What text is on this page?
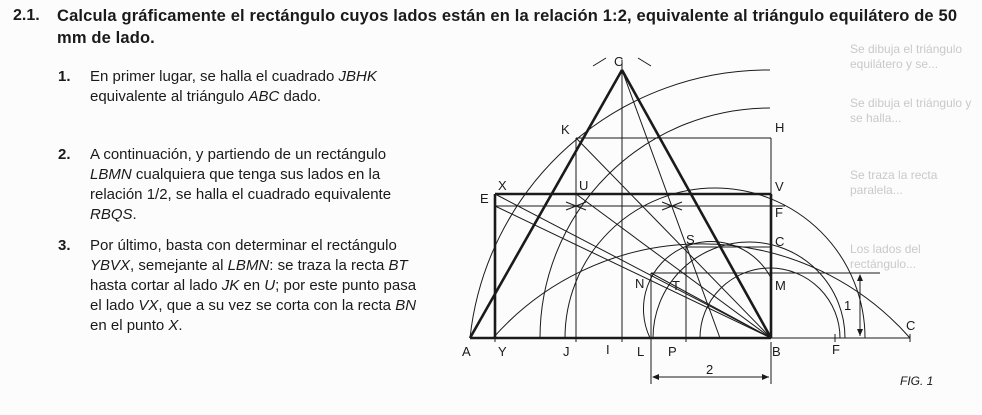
Se dibuja el triángulo equilátero y se...
Se dibuja el triángulo y se halla...
Se traza la recta paralela...
Los lados del rectángulo...
2.1. Calcula gráficamente el rectángulo cuyos lados están en la relación 1:2, equivalente al triángulo equilátero de 50 mm de lado.
1. En primer lugar, se halla el cuadrado JBHK equivalente al triángulo ABC dado.
2. A continuación, y partiendo de un rectángulo LBMN cualquiera que tenga sus lados en la relación 1/2, se halla el cuadrado equivalente RBQS.
3. Por último, basta con determinar el rectángulo YBVX, semejante al LBMN: se traza la recta BT hasta cortar al lado JK en U; por este punto pasa el lado VX, que a su vez se corta con la recta BN en el punto X.
C
K	H
X	U	V
E
F
S	C
N T	M
A Y	J	I L P	B	F
C
2
1
FIG. 1
